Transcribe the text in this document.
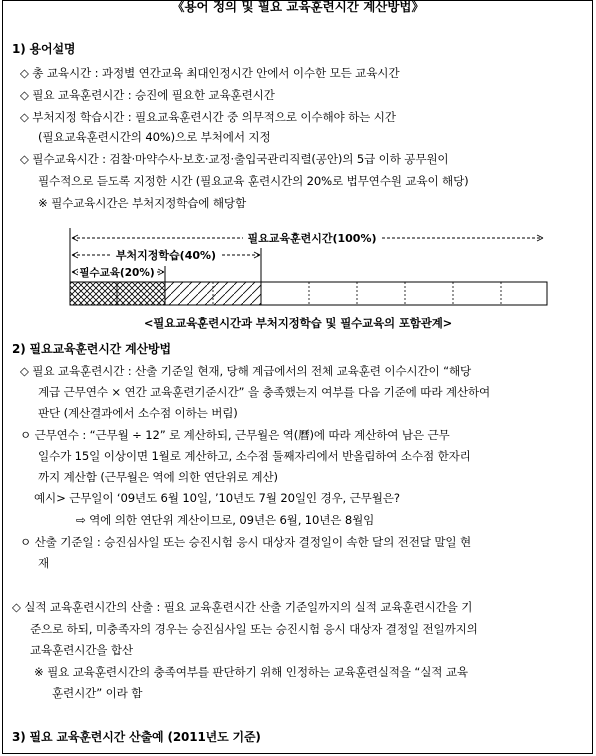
《용어 정의 및 필요 교육훈련시간 계산방법》
1) 용어설명
◇ 총 교육시간 : 과정별 연간교육 최대인정시간 안에서 이수한 모든 교육시간
◇ 필요 교육훈련시간 : 승진에 필요한 교육훈련시간
◇ 부처지정 학습시간 : 필요교육훈련시간 중 의무적으로 이수해야 하는 시간
(필요교육훈련시간의 40%)으로 부처에서 지정
◇ 필수교육시간 : 검찰·마약수사·보호·교정·출입국관리직렬(공안)의 5급 이하 공무원이
필수적으로 듣도록 지정한 시간 (필요교육 훈련시간의 20%로 법무연수원 교육이 해당)
※ 필수교육시간은 부처지정학습에 해당함
필요교육훈련시간(100%)
부처지정학습(40%)
필수교육(20%)
<필요교육훈련시간과 부처지정학습 및 필수교육의 포함관계>
2) 필요교육훈련시간 계산방법
◇ 필요 교육훈련시간 : 산출 기준일 현재, 당해 계급에서의 전체 교육훈련 이수시간이 “해당
계급 근무연수 × 연간 교육훈련기준시간” 을 충족했는지 여부를 다음 기준에 따라 계산하여
판단 (계산결과에서 소수점 이하는 버림)
ㅇ 근무연수 : “근무월 ÷ 12” 로 계산하되, 근무월은 역(曆)에 따라 계산하여 남은 근무
일수가 15일 이상이면 1월로 계산하고, 소수점 둘째자리에서 반올림하여 소수점 한자리
까지 계산함 (근무월은 역에 의한 연단위로 계산)
예시> 근무일이 ‘09년도 6월 10일, ’10년도 7월 20일인 경우, 근무월은?
⇨ 역에 의한 연단위 계산이므로, 09년은 6월, 10년은 8월임
ㅇ 산출 기준일 : 승진심사일 또는 승진시험 응시 대상자 결정일이 속한 달의 전전달 말일 현
재
◇ 실적 교육훈련시간의 산출 : 필요 교육훈련시간 산출 기준일까지의 실적 교육훈련시간을 기
준으로 하되, 미충족자의 경우는 승진심사일 또는 승진시험 응시 대상자 결정일 전일까지의
교육훈련시간을 합산
※ 필요 교육훈련시간의 충족여부를 판단하기 위해 인정하는 교육훈련실적을 “실적 교육
훈련시간” 이라 함
3) 필요 교육훈련시간 산출예 (2011년도 기준)
